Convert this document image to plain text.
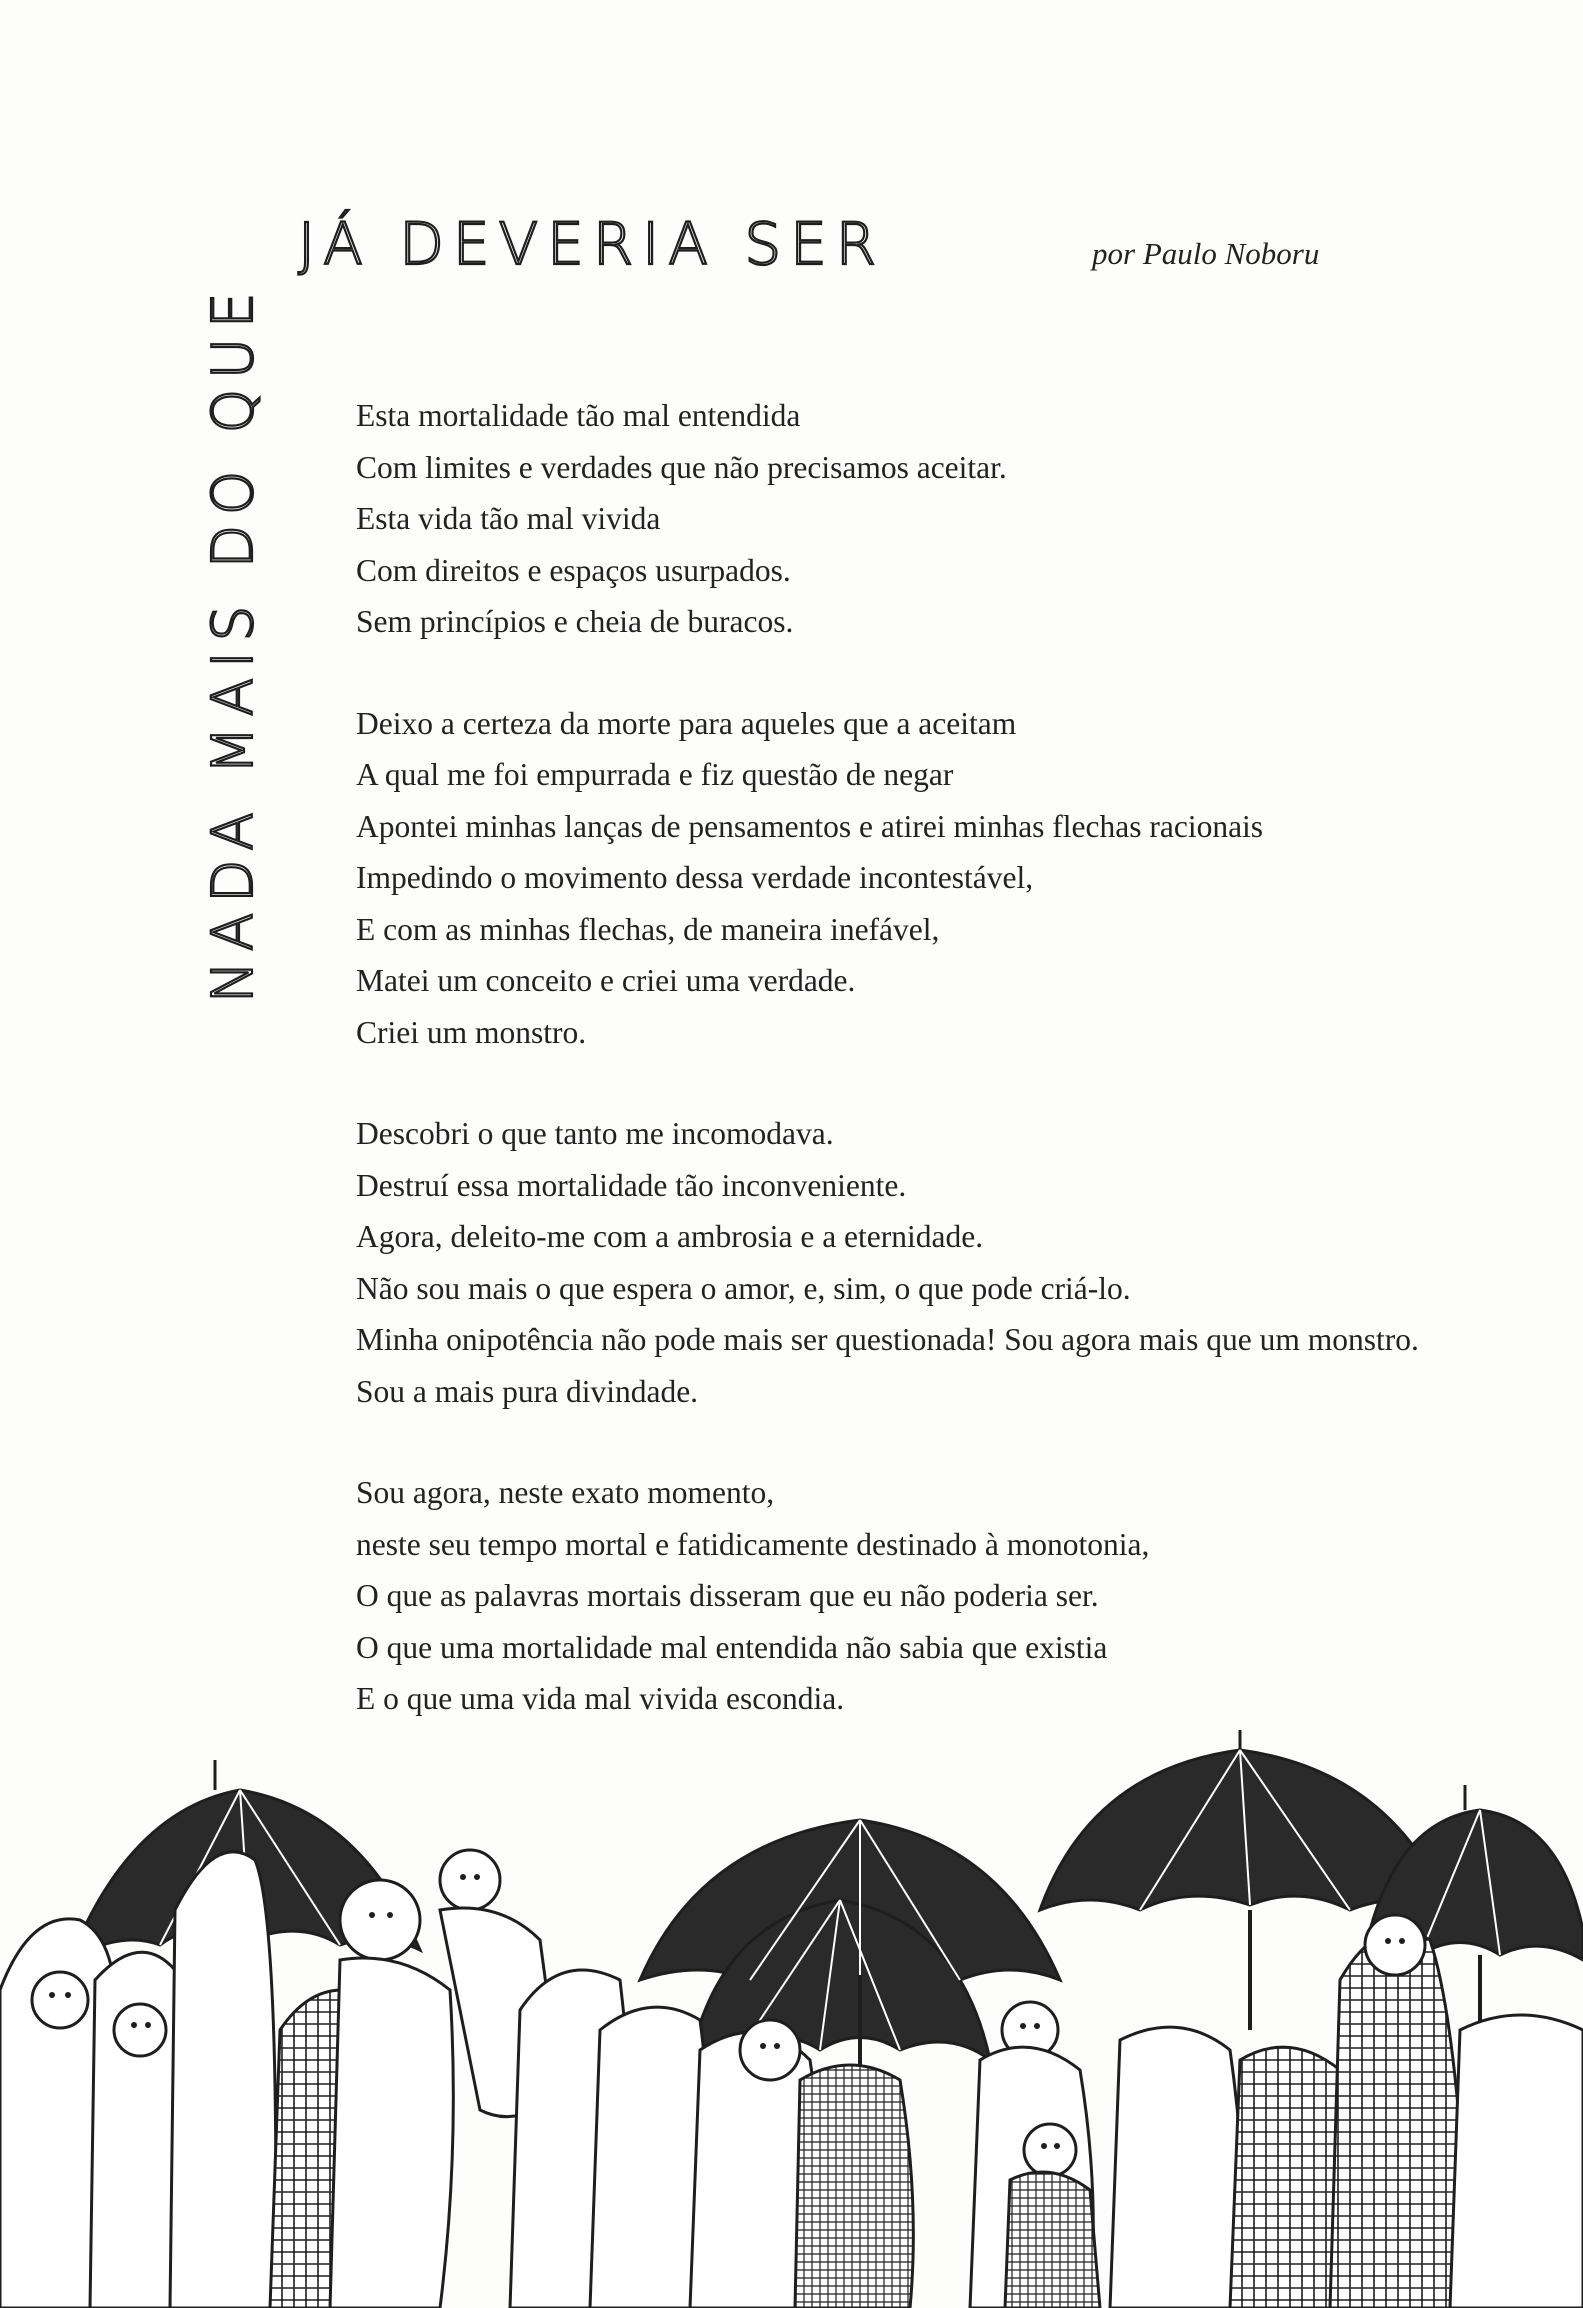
NADA MAIS DO QUE
JÁ DEVERIA SER	por Paulo Noboru
Esta mortalidade tão mal entendida
Com limites e verdades que não precisamos aceitar.
Esta vida tão mal vivida
Com direitos e espaços usurpados.
Sem princípios e cheia de buracos.
Deixo a certeza da morte para aqueles que a aceitam
A qual me foi empurrada e fiz questão de negar
Apontei minhas lanças de pensamentos e atirei minhas flechas racionais
Impedindo o movimento dessa verdade incontestável,
E com as minhas flechas, de maneira inefável,
Matei um conceito e criei uma verdade.
Criei um monstro.
Descobri o que tanto me incomodava.
Destruí essa mortalidade tão inconveniente.
Agora, deleito-me com a ambrosia e a eternidade.
Não sou mais o que espera o amor, e, sim, o que pode criá-lo.
Minha onipotência não pode mais ser questionada! Sou agora mais que um monstro.
Sou a mais pura divindade.
Sou agora, neste exato momento,
neste seu tempo mortal e fatidicamente destinado à monotonia,
O que as palavras mortais disseram que eu não poderia ser.
O que uma mortalidade mal entendida não sabia que existia
E o que uma vida mal vivida escondia.
